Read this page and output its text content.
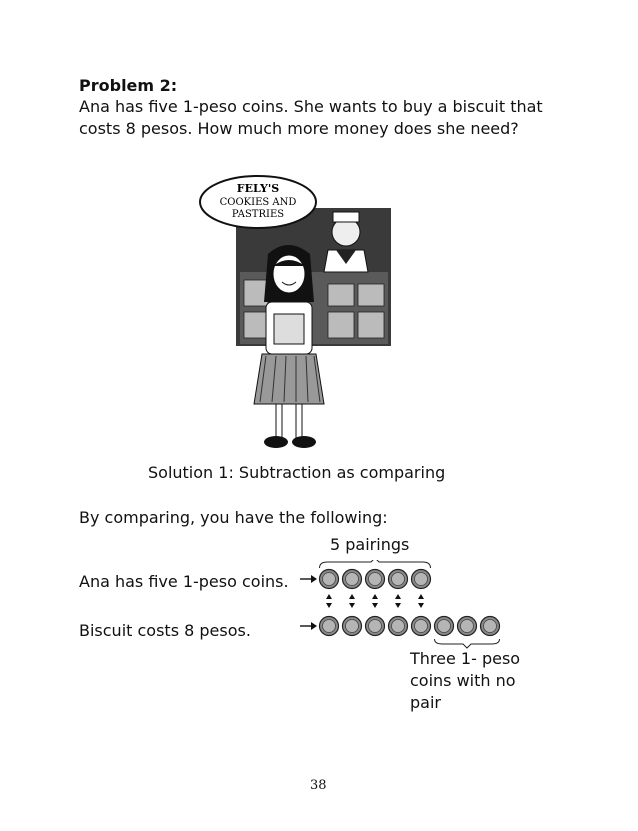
Problem 2:
Ana has five 1-peso coins. She wants to buy a biscuit that costs 8 pesos. How much more money does she need?
FELY'S
COOKIES AND
PASTRIES
Solution 1: Subtraction as comparing
By comparing, you have the following:
5 pairings
Ana has five 1-peso coins.
Biscuit costs 8 pesos.
Three 1- peso coins with no pair
38
